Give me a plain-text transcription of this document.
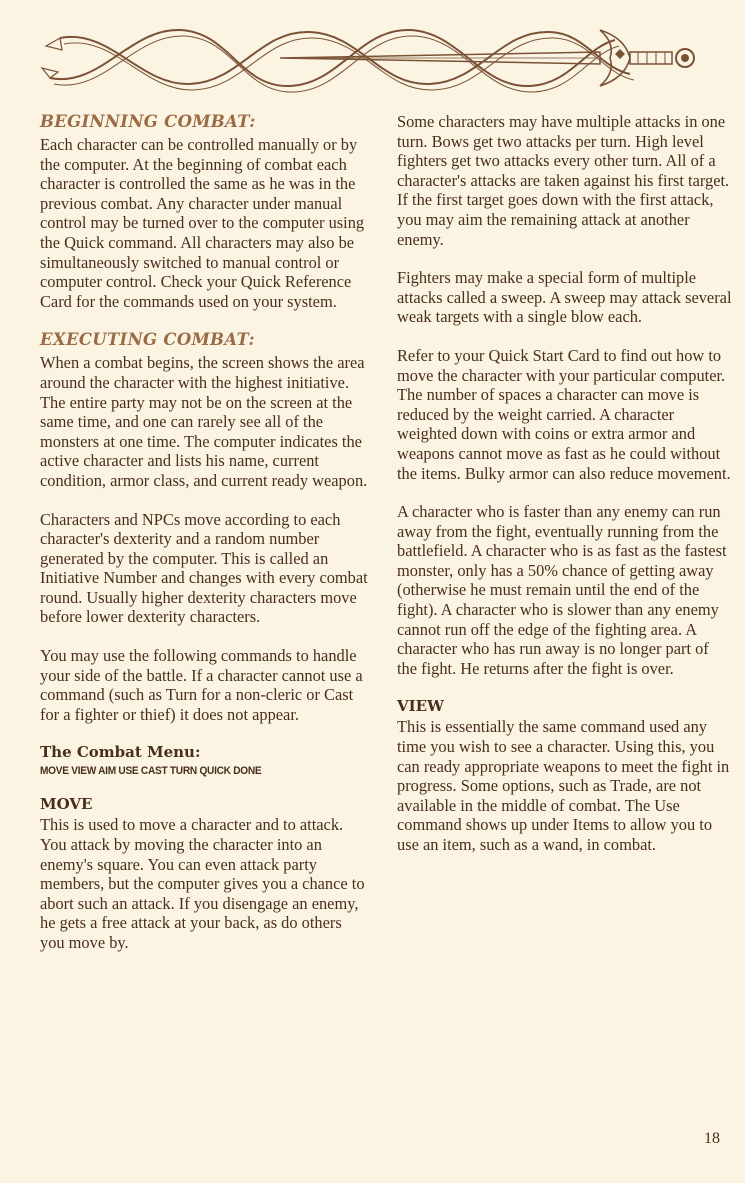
BEGINNING COMBAT:

Each character can be controlled manually or by the computer. At the beginning of combat each character is controlled the same as he was in the previous combat. Any character under manual control may be turned over to the computer using the Quick command. All characters may also be simultaneously switched to manual control or computer control. Check your Quick Reference Card for the commands used on your system.

EXECUTING COMBAT:

When a combat begins, the screen shows the area around the character with the highest initiative. The entire party may not be on the screen at the same time, and one can rarely see all of the monsters at one time. The computer indicates the active character and lists his name, current condition, armor class, and current ready weapon.

Characters and NPCs move according to each character's dexterity and a random number generated by the computer. This is called an Initiative Number and changes with every combat round. Usually higher dexterity characters move before lower dexterity characters.

You may use the following commands to handle your side of the battle. If a character cannot use a command (such as Turn for a non-cleric or Cast for a fighter or thief) it does not appear.

The Combat Menu:
MOVE VIEW AIM USE CAST TURN QUICK DONE
MOVE

This is used to move a character and to attack. You attack by moving the character into an enemy's square. You can even attack party members, but the computer gives you a chance to abort such an attack. If you disengage an enemy, he gets a free attack at your back, as do others you move by.

Some characters may have multiple attacks in one turn. Bows get two attacks per turn. High level fighters get two attacks every other turn. All of a character's attacks are taken against his first target. If the first target goes down with the first attack, you may aim the remaining attack at another enemy.

Fighters may make a special form of multiple attacks called a sweep. A sweep may attack several weak targets with a single blow each.

Refer to your Quick Start Card to find out how to move the character with your particular computer. The number of spaces a character can move is reduced by the weight carried. A character weighted down with coins or extra armor and weapons cannot move as fast as he could without the items. Bulky armor can also reduce movement.

A character who is faster than any enemy can run away from the fight, eventually running from the battlefield. A character who is as fast as the fastest monster, only has a 50% chance of getting away (otherwise he must remain until the end of the fight). A character who is slower than any enemy cannot run off the edge of the fighting area. A character who has run away is no longer part of the fight. He returns after the fight is over.

VIEW

This is essentially the same command used any time you wish to see a character. Using this, you can ready appropriate weapons to meet the fight in progress. Some options, such as Trade, are not available in the middle of combat. The Use command shows up under Items to allow you to use an item, such as a wand, in combat.

18
